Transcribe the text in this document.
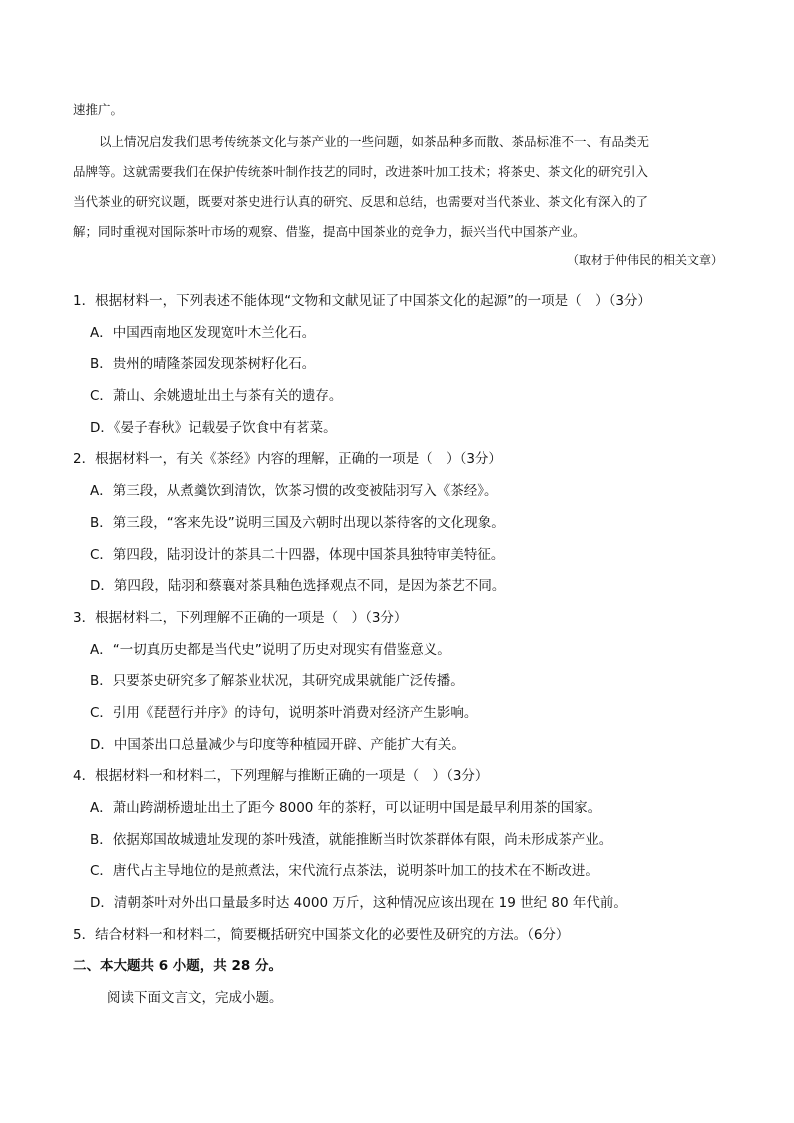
速推广。
以上情况启发我们思考传统茶文化与茶产业的一些问题，如茶品种多而散、茶品标准不一、有品类无
品牌等。这就需要我们在保护传统茶叶制作技艺的同时，改进茶叶加工技术；将茶史、茶文化的研究引入
当代茶业的研究议题，既要对茶史进行认真的研究、反思和总结，也需要对当代茶业、茶文化有深入的了
解；同时重视对国际茶叶市场的观察、借鉴，提高中国茶业的竞争力，振兴当代中国茶产业。
（取材于仲伟民的相关文章）
1．根据材料一，下列表述不能体现“文物和文献见证了中国茶文化的起源”的一项是（　）（3分）
A．中国西南地区发现宽叶木兰化石。
B．贵州的晴隆茶园发现茶树籽化石。
C．萧山、余姚遗址出土与茶有关的遗存。
D．《晏子春秋》记载晏子饮食中有茗菜。
2．根据材料一，有关《茶经》内容的理解，正确的一项是（　）（3分）
A．第三段，从煮羹饮到清饮，饮茶习惯的改变被陆羽写入《茶经》。
B．第三段，“客来先设”说明三国及六朝时出现以茶待客的文化现象。
C．第四段，陆羽设计的茶具二十四器，体现中国茶具独特审美特征。
D．第四段，陆羽和蔡襄对茶具釉色选择观点不同，是因为茶艺不同。
3．根据材料二，下列理解不正确的一项是（　）（3分）
A．“一切真历史都是当代史”说明了历史对现实有借鉴意义。
B．只要茶史研究多了解茶业状况，其研究成果就能广泛传播。
C．引用《琵琶行并序》的诗句，说明茶叶消费对经济产生影响。
D．中国茶出口总量减少与印度等种植园开辟、产能扩大有关。
4．根据材料一和材料二，下列理解与推断正确的一项是（　）（3分）
A．萧山跨湖桥遗址出土了距今 8000 年的茶籽，可以证明中国是最早利用茶的国家。
B．依据郑国故城遗址发现的茶叶残渣，就能推断当时饮茶群体有限，尚未形成茶产业。
C．唐代占主导地位的是煎煮法，宋代流行点茶法，说明茶叶加工的技术在不断改进。
D．清朝茶叶对外出口量最多时达 4000 万斤，这种情况应该出现在 19 世纪 80 年代前。
5．结合材料一和材料二，简要概括研究中国茶文化的必要性及研究的方法。（6分）
二、本大题共 6 小题，共 28 分。
阅读下面文言文，完成小题。
